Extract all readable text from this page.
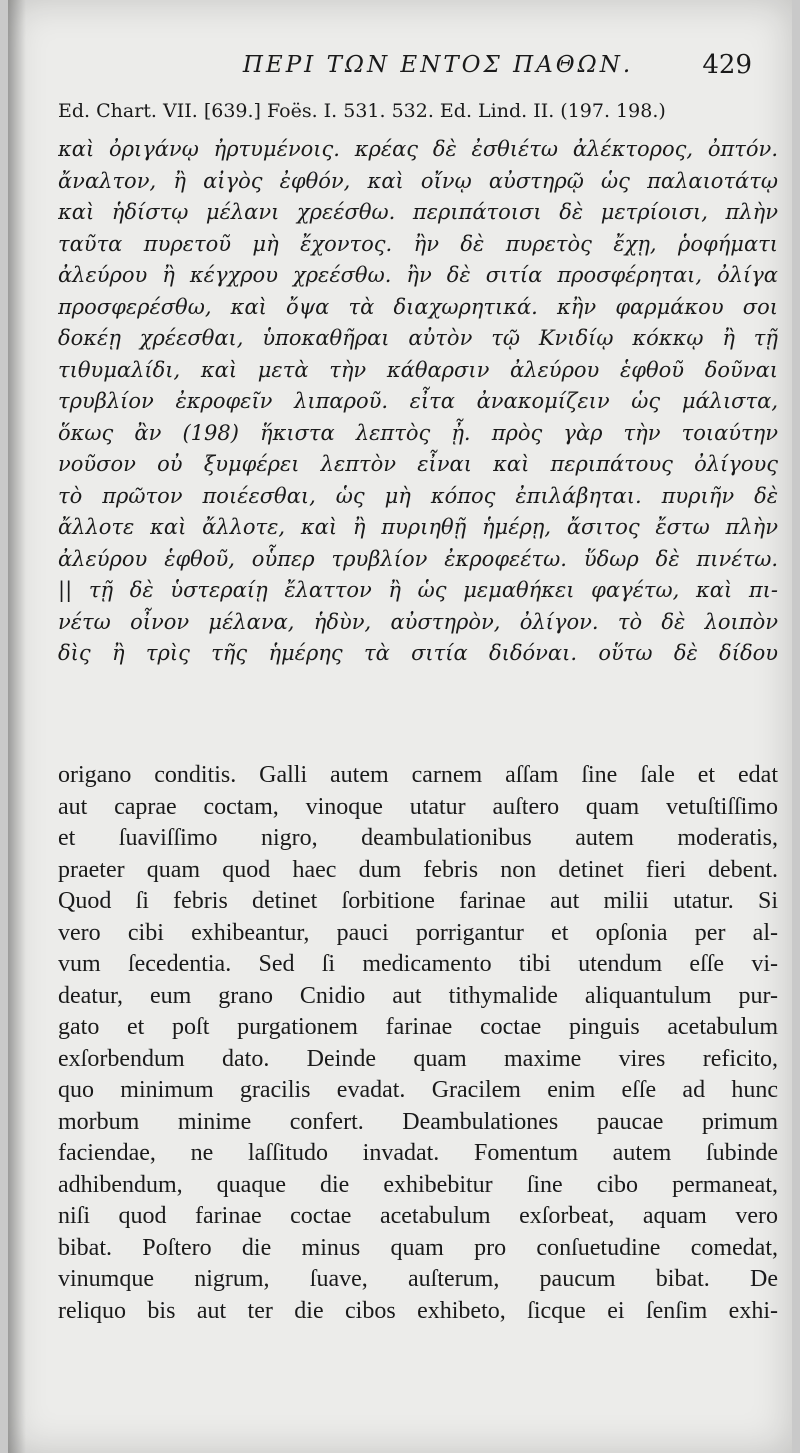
ΠΕΡΙ ΤΩΝ ΕΝΤΟΣ ΠΑΘΩΝ.	429
Ed. Chart. VII. [639.] Foës. I. 531. 532. Ed. Lind. II. (197. 198.)
καὶ ὀριγάνῳ ἠρτυμένοις. κρέας δὲ ἐσθιέτω ἀλέκτορος, ὀπτόν.
ἄναλτον, ἢ αἰγὸς ἐφθόν, καὶ οἴνῳ αὐστηρῷ ὡς παλαιοτάτῳ
καὶ ἡδίστῳ μέλανι χρεέσθω. περιπάτοισι δὲ μετρίοισι, πλὴν
ταῦτα πυρετοῦ μὴ ἔχοντος. ἢν δὲ πυρετὸς ἔχῃ, ῥοφήματι
ἀλεύρου ἢ κέγχρου χρεέσθω. ἢν δὲ σιτία προσφέρηται, ὀλίγα
προσφερέσθω, καὶ ὄψα τὰ διαχωρητικά. κἢν φαρμάκου σοι
δοκέῃ χρέεσθαι, ὑποκαθῆραι αὐτὸν τῷ Κνιδίῳ κόκκῳ ἢ τῇ
τιθυμαλίδι, καὶ μετὰ τὴν κάθαρσιν ἀλεύρου ἑφθοῦ δοῦναι
τρυβλίον ἐκροφεῖν λιπαροῦ. εἶτα ἀνακομίζειν ὡς μάλιστα,
ὅκως ἂν (198) ἥκιστα λεπτὸς ᾖ. πρὸς γὰρ τὴν τοιαύτην
νοῦσον οὐ ξυμφέρει λεπτὸν εἶναι καὶ περιπάτους ὀλίγους
τὸ πρῶτον ποιέεσθαι, ὡς μὴ κόπος ἐπιλάβηται. πυριῆν δὲ
ἄλλοτε καὶ ἄλλοτε, καὶ ἢ πυριηθῇ ἡμέρῃ, ἄσιτος ἔστω πλὴν
ἀλεύρου ἑφθοῦ, οὗπερ τρυβλίον ἐκροφεέτω. ὕδωρ δὲ πινέτω.
|| τῇ δὲ ὑστεραίῃ ἔλαττον ἢ ὡς μεμαθήκει φαγέτω, καὶ πι-
νέτω οἶνον μέλανα, ἡδὺν, αὐστηρὸν, ὀλίγον. τὸ δὲ λοιπὸν
δὶς ἢ τρὶς τῆς ἡμέρης τὰ σιτία διδόναι. οὕτω δὲ δίδου
origano conditis. Galli autem carnem aſſam ſine ſale et edat
aut caprae coctam, vinoque utatur auſtero quam vetuſtiſſimo
et ſuaviſſimo nigro, deambulationibus autem moderatis,
praeter quam quod haec dum febris non detinet fieri debent.
Quod ſi febris detinet ſorbitione farinae aut milii utatur. Si
vero cibi exhibeantur, pauci porrigantur et opſonia per al-
vum ſecedentia. Sed ſi medicamento tibi utendum eſſe vi-
deatur, eum grano Cnidio aut tithymalide aliquantulum pur-
gato et poſt purgationem farinae coctae pinguis acetabulum
exſorbendum dato. Deinde quam maxime vires reficito,
quo minimum gracilis evadat. Gracilem enim eſſe ad hunc
morbum minime confert. Deambulationes paucae primum
faciendae, ne laſſitudo invadat. Fomentum autem ſubinde
adhibendum, quaque die exhibebitur ſine cibo permaneat,
niſi quod farinae coctae acetabulum exſorbeat, aquam vero
bibat. Poſtero die minus quam pro conſuetudine comedat,
vinumque nigrum, ſuave, auſterum, paucum bibat. De
reliquo bis aut ter die cibos exhibeto, ſicque ei ſenſim exhi-
